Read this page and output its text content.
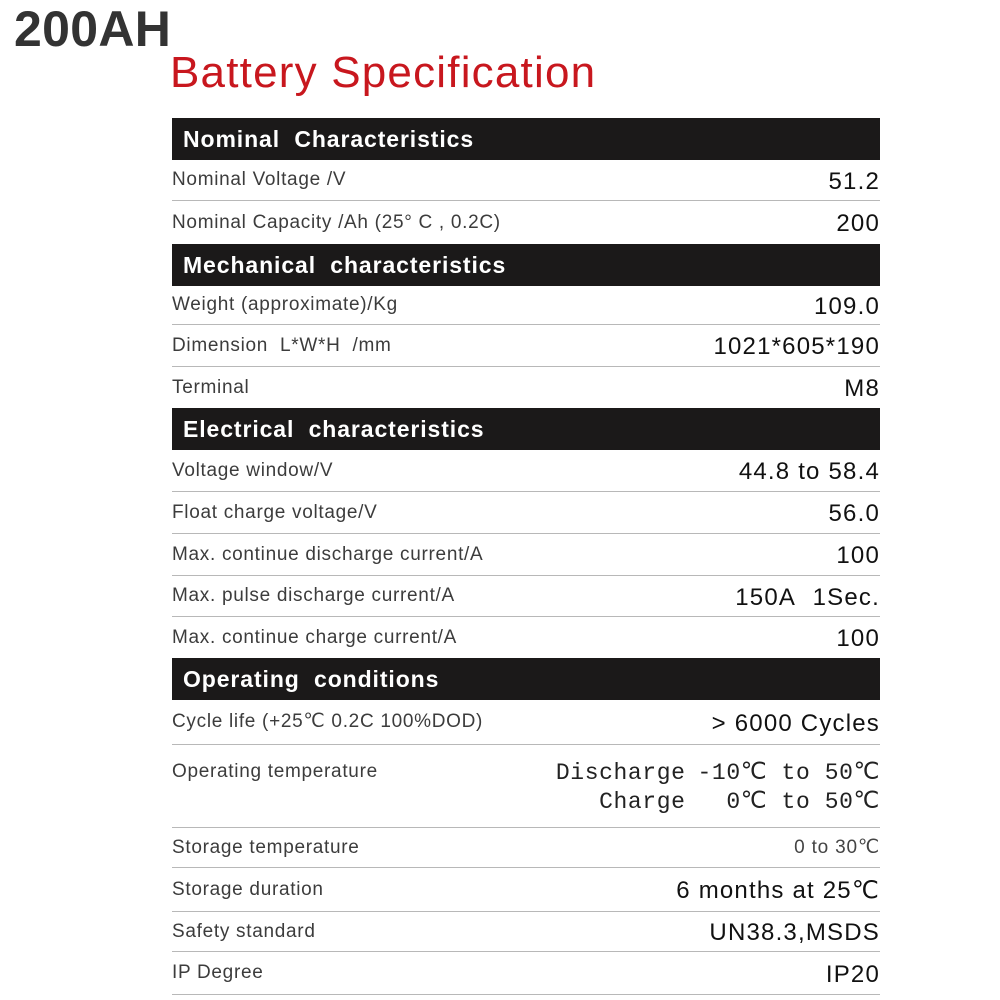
200AH
Battery Specification
Nominal Characteristics
Nominal Voltage /V	51.2
Nominal Capacity /Ah (25° C , 0.2C)	200
Mechanical characteristics
Weight (approximate)/Kg	109.0
Dimension L*W*H /mm	1021*605*190
Terminal	M8
Electrical characteristics
Voltage window/V	44.8 to 58.4
Float charge voltage/V	56.0
Max. continue discharge current/A	100
Max. pulse discharge current/A	150A 1Sec.
Max. continue charge current/A	100
Operating conditions
Cycle life (+25℃ 0.2C 100%DOD)	> 6000 Cycles
Operating temperature	Discharge -10℃ to 50℃
Charge 0℃ to 50℃
Storage temperature	0 to 30℃
Storage duration	6 months at 25℃
Safety standard	UN38.3,MSDS
IP Degree	IP20
